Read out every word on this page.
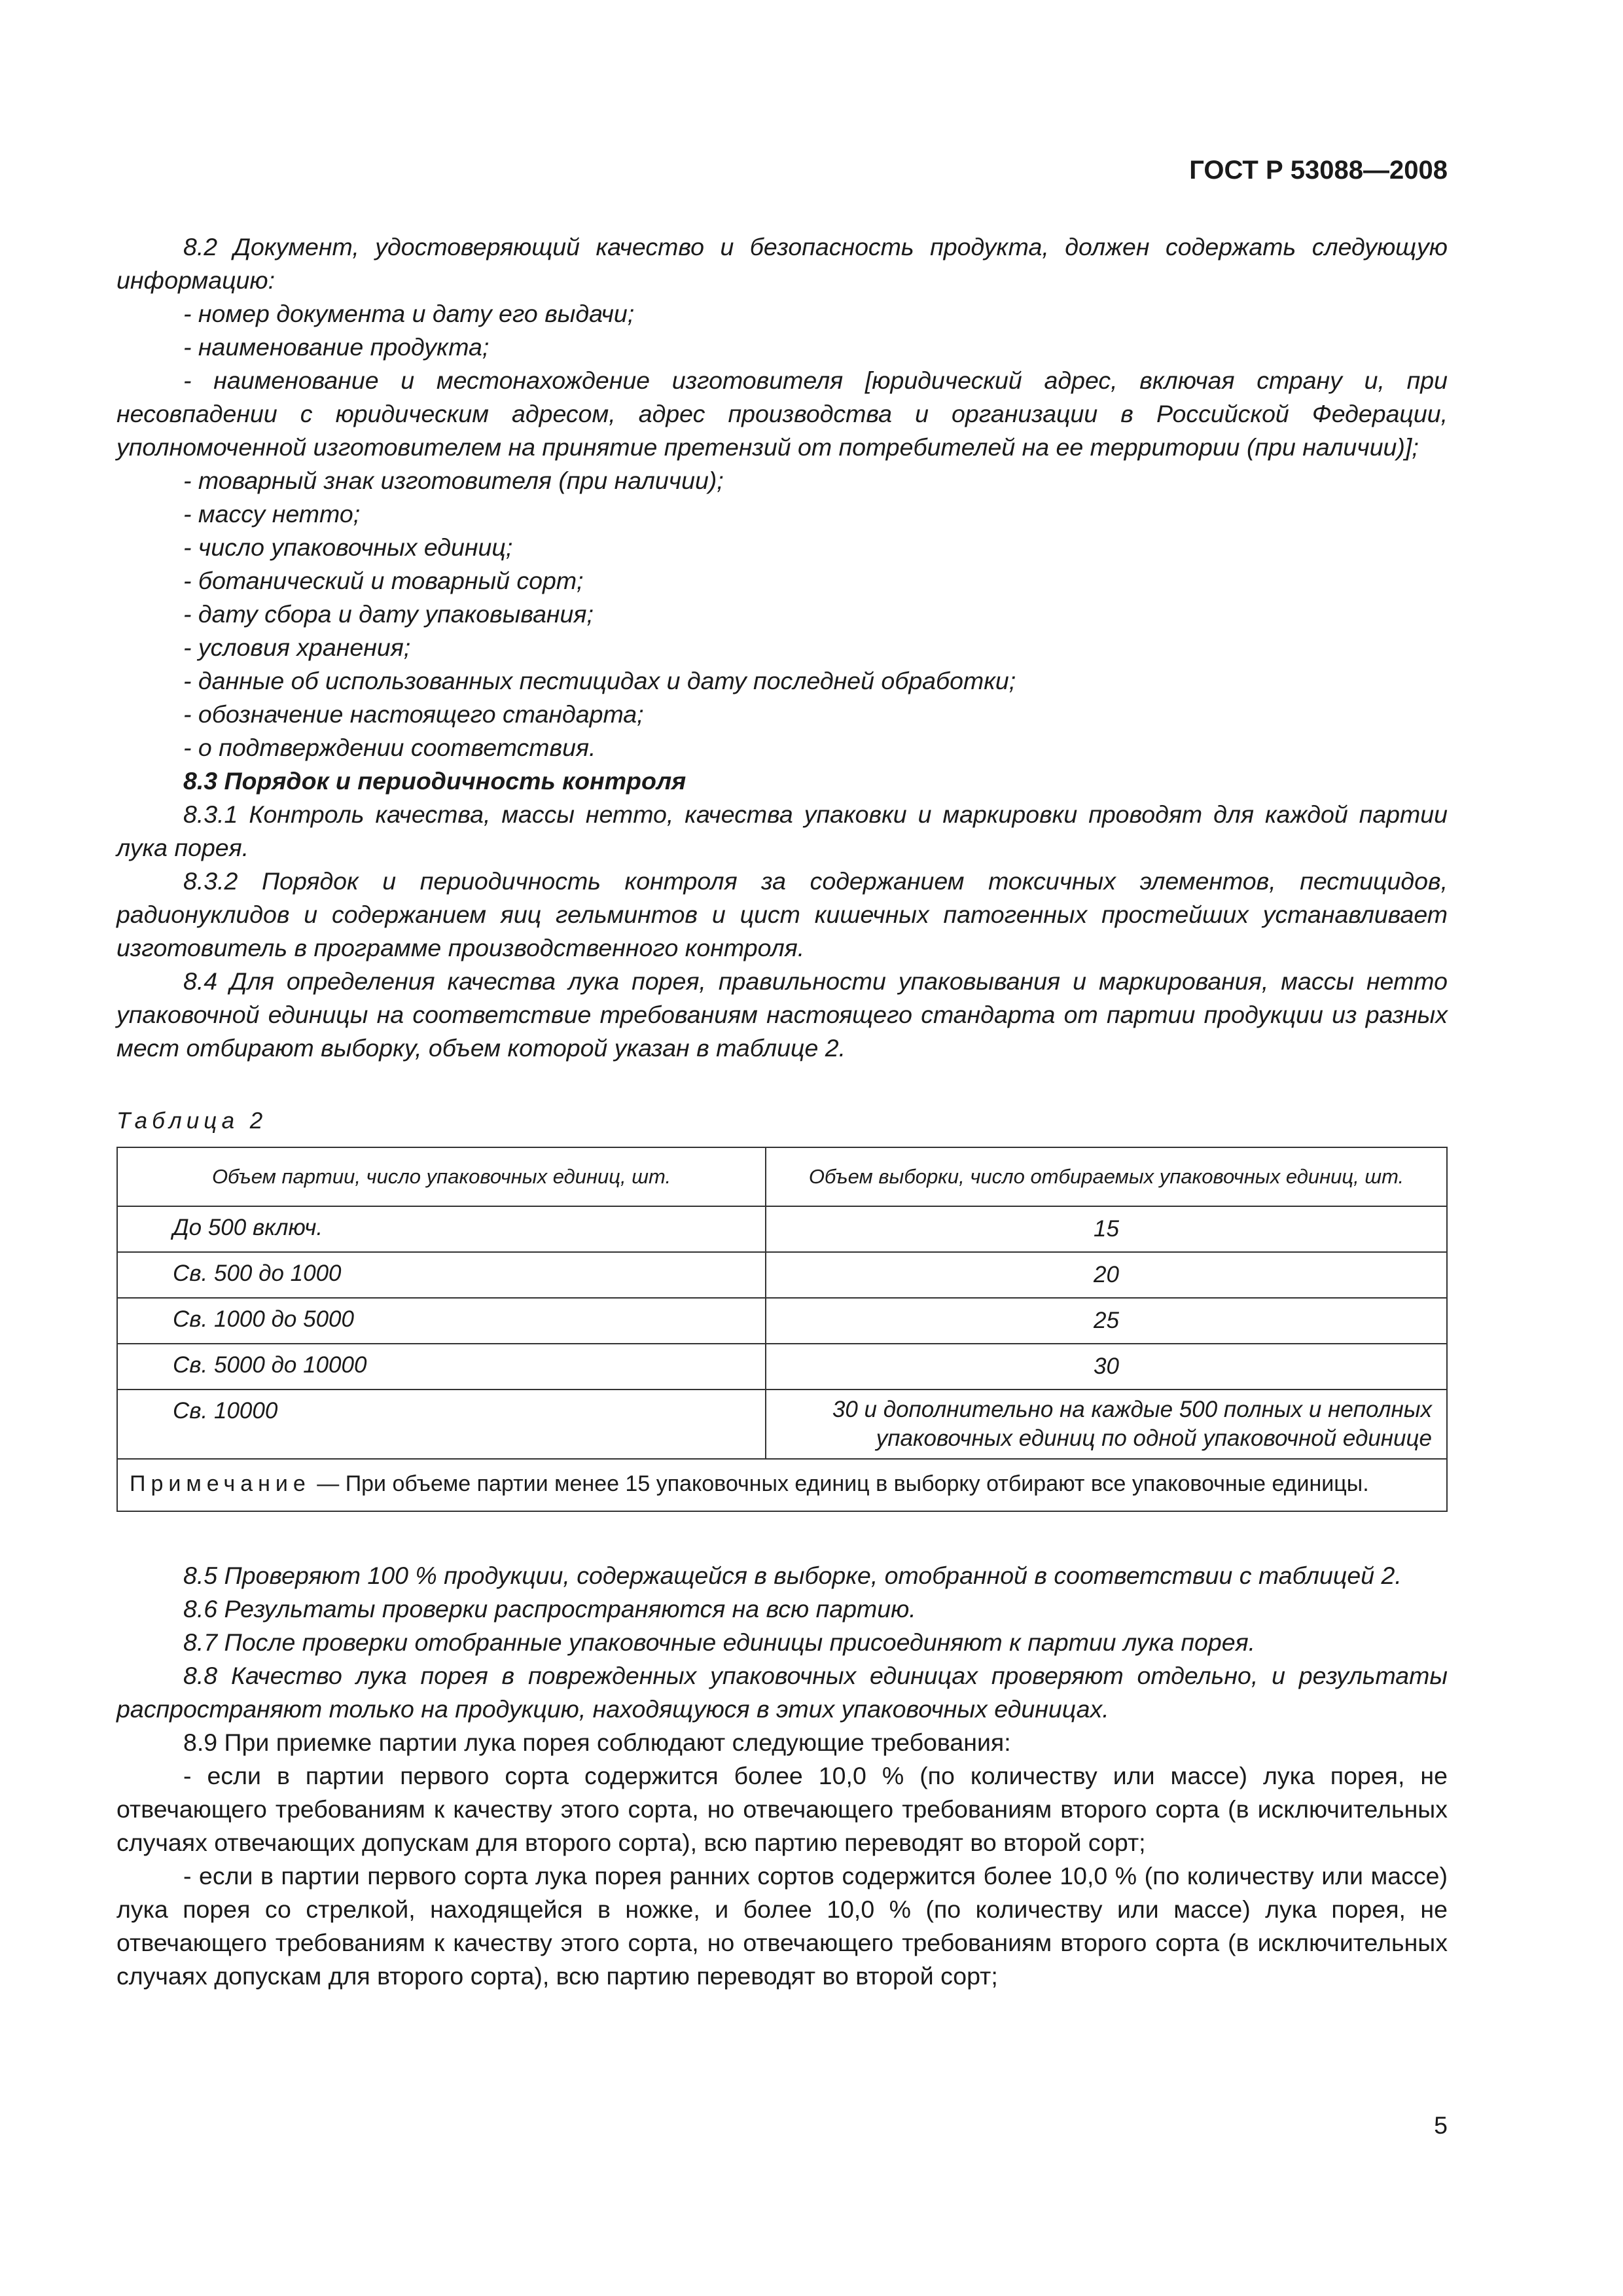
ГОСТ Р 53088—2008

8.2 Документ, удостоверяющий качество и безопасность продукта, должен содержать следующую информацию:

- номер документа и дату его выдачи;

- наименование продукта;

- наименование и местонахождение изготовителя [юридический адрес, включая страну и, при несовпадении с юридическим адресом, адрес производства и организации в Российской Федерации, уполномоченной изготовителем на принятие претензий от потребителей на ее территории (при наличии)];

- товарный знак изготовителя (при наличии);

- массу нетто;

- число упаковочных единиц;

- ботанический и товарный сорт;

- дату сбора и дату упаковывания;

- условия хранения;

- данные об использованных пестицидах и дату последней обработки;

- обозначение настоящего стандарта;

- о подтверждении соответствия.

8.3 Порядок и периодичность контроля

8.3.1 Контроль качества, массы нетто, качества упаковки и маркировки проводят для каждой партии лука порея.

8.3.2 Порядок и периодичность контроля за содержанием токсичных элементов, пестицидов, радионуклидов и содержанием яиц гельминтов и цист кишечных патогенных простейших устанавливает изготовитель в программе производственного контроля.

8.4 Для определения качества лука порея, правильности упаковывания и маркирования, массы нетто упаковочной единицы на соответствие требованиям настоящего стандарта от партии продукции из разных мест отбирают выборку, объем которой указан в таблице 2.

Таблица 2

Объем партии, число упаковочных единиц, шт.	Объем выборки, число отбираемых упаковочных единиц, шт.
До 500 включ.	15
Св. 500 до 1000	20
Св. 1000 до 5000	25
Св. 5000 до 10000	30
Св. 10000	30 и дополнительно на каждые 500 полных и неполных упаковочных единиц по одной упаковочной единице
Примечание — При объеме партии менее 15 упаковочных единиц в выборку отбирают все упаковочные единицы.	

8.5 Проверяют 100 % продукции, содержащейся в выборке, отобранной в соответствии с таблицей 2.

8.6 Результаты проверки распространяются на всю партию.

8.7 После проверки отобранные упаковочные единицы присоединяют к партии лука порея.

8.8 Качество лука порея в поврежденных упаковочных единицах проверяют отдельно, и результаты распространяют только на продукцию, находящуюся в этих упаковочных единицах.

8.9 При приемке партии лука порея соблюдают следующие требования:

- если в партии первого сорта содержится более 10,0 % (по количеству или массе) лука порея, не отвечающего требованиям к качеству этого сорта, но отвечающего требованиям второго сорта (в исключительных случаях отвечающих допускам для второго сорта), всю партию переводят во второй сорт;

- если в партии первого сорта лука порея ранних сортов содержится более 10,0 % (по количеству или массе) лука порея со стрелкой, находящейся в ножке, и более 10,0 % (по количеству или массе) лука порея, не отвечающего требованиям к качеству этого сорта, но отвечающего требованиям второго сорта (в исключительных случаях допускам для второго сорта), всю партию переводят во второй сорт;

5
